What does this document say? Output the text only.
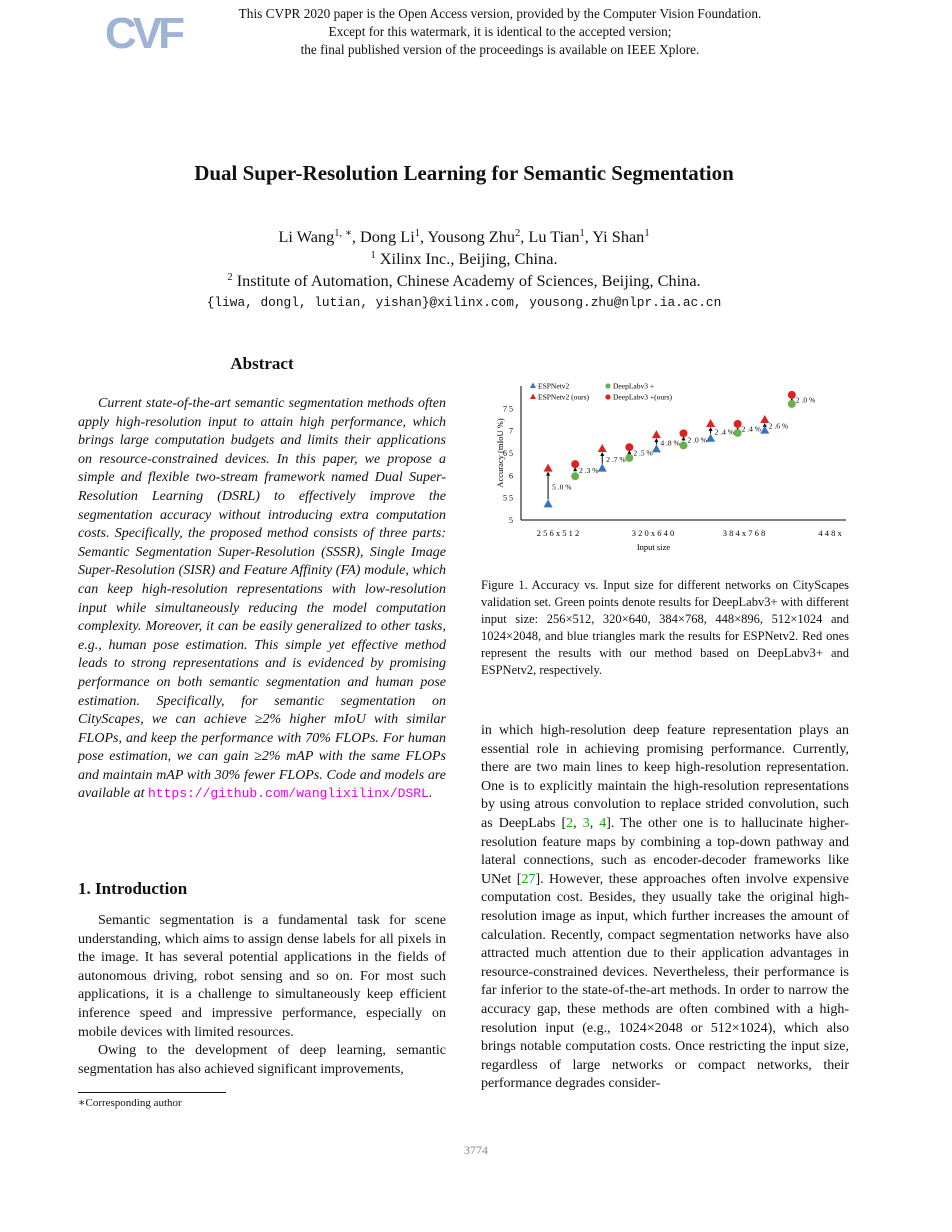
CVF	This CVPR 2020 paper is the Open Access version, provided by the Computer Vision Foundation.
Except for this watermark, it is identical to the accepted version;
the final published version of the proceedings is available on IEEE Xplore.
Dual Super-Resolution Learning for Semantic Segmentation
Li Wang$^{1, ∗}$, Dong Li$^1$, Yousong Zhu$^2$, Lu Tian$^1$, Yi Shan$^1$
$^1$ Xilinx Inc., Beijing, China.
$^2$ Institute of Automation, Chinese Academy of Sciences, Beijing, China.
{liwa, dongl, lutian, yishan}@xilinx.com, yousong.zhu@nlpr.ia.ac.cn
Abstract

Current state-of-the-art semantic segmentation methods often apply high-resolution input to attain high performance, which brings large computation budgets and limits their applications on resource-constrained devices. In this paper, we propose a simple and flexible two-stream framework named Dual Super-Resolution Learning (DSRL) to effectively improve the segmentation accuracy without introducing extra computation costs. Specifically, the proposed method consists of three parts: Semantic Segmentation Super-Resolution (SSSR), Single Image Super-Resolution (SISR) and Feature Affinity (FA) module, which can keep high-resolution representations with low-resolution input while simultaneously reducing the model computation complexity. Moreover, it can be easily generalized to other tasks, e.g., human pose estimation. This simple yet effective method leads to strong representations and is evidenced by promising performance on both semantic segmentation and human pose estimation. Specifically, for semantic segmentation on CityScapes, we can achieve ≥2% higher mIoU with similar FLOPs, and keep the performance with 70% FLOPs. For human pose estimation, we can gain ≥2% mAP with the same FLOPs and maintain mAP with 30% fewer FLOPs. Code and models are available at https://github.com/wanglixilinx/DSRL.

1. Introduction

Semantic segmentation is a fundamental task for scene understanding, which aims to assign dense labels for all pixels in the image. It has several potential applications in the fields of autonomous driving, robot sensing and so on. For most such applications, it is a challenge to simultaneously keep efficient inference speed and impressive performance, especially on mobile devices with limited resources.

Owing to the development of deep learning, semantic segmentation has also achieved significant improvements,

∗Corresponding author
5
5 5
6
6 5
7
7 5
2 5 6 x 5 1 2	3 2 0 x 6 4 0	3 8 4 x 7 6 8	4 4 8 x
Input size
Accuracy (mIoU %)	5 .0 %
2 .7 %
4 .8 %
2 .4 %
2 .6 %
2 .3 %
2 .5 %
2 .0 %
2 .4 %
2 .0 %
ESPNetv2
ESPNetv2 (ours)
DeepLabv3 +
DeepLabv3 +(ours)

Figure 1. Accuracy vs. Input size for different networks on CityScapes validation set. Green points denote results for DeepLabv3+ with different input size: 256×512, 320×640, 384×768, 448×896, 512×1024 and 1024×2048, and blue triangles mark the results for ESPNetv2. Red ones represent the results with our method based on DeepLabv3+ and ESPNetv2, respectively.

in which high-resolution deep feature representation plays an essential role in achieving promising performance. Currently, there are two main lines to keep high-resolution representation. One is to explicitly maintain the high-resolution representations by using atrous convolution to replace strided convolution, such as DeepLabs [2, 3, 4]. The other one is to hallucinate higher-resolution feature maps by combining a top-down pathway and lateral connections, such as encoder-decoder frameworks like UNet [27]. However, these approaches often involve expensive computation cost. Besides, they usually take the original high-resolution image as input, which further increases the amount of calculation. Recently, compact segmentation networks have also attracted much attention due to their application advantages in resource-constrained devices. Nevertheless, their performance is far inferior to the state-of-the-art methods. In order to narrow the accuracy gap, these methods are often combined with a high-resolution input (e.g., 1024×2048 or 512×1024), which also brings notable computation costs. Once restricting the input size, regardless of large networks or compact networks, their performance degrades consider-

3774
